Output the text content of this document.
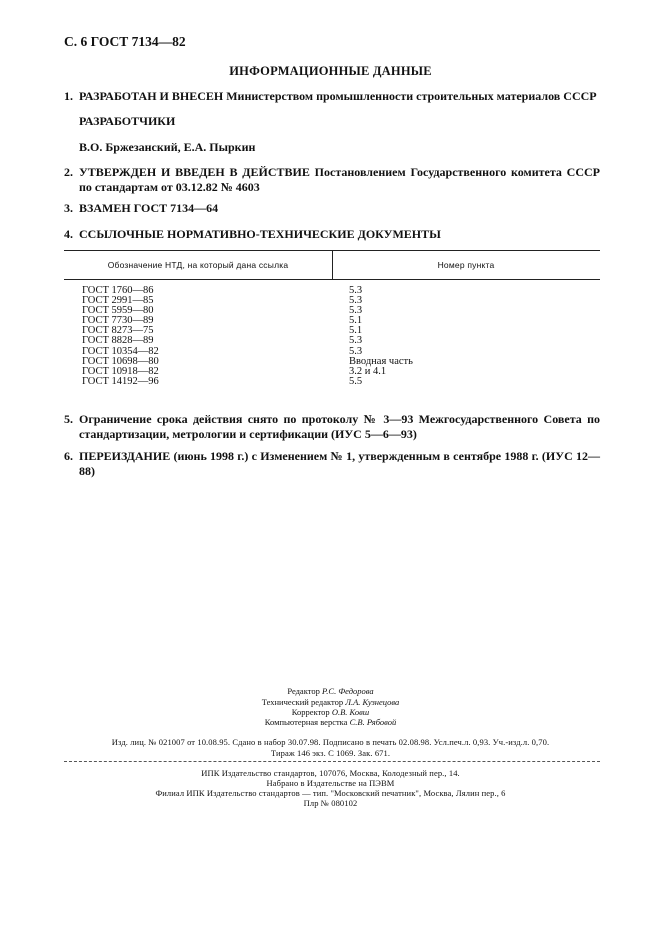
С. 6 ГОСТ 7134—82
ИНФОРМАЦИОННЫЕ ДАННЫЕ
1. РАЗРАБОТАН И ВНЕСЕН Министерством промышленности строительных материалов СССР
РАЗРАБОТЧИКИ
В.О. Бржезанский, Е.А. Пыркин
2. УТВЕРЖДЕН И ВВЕДЕН В ДЕЙСТВИЕ Постановлением Государственного комитета СССР по стандартам от 03.12.82 № 4603
3. ВЗАМЕН ГОСТ 7134—64
4. ССЫЛОЧНЫЕ НОРМАТИВНО-ТЕХНИЧЕСКИЕ ДОКУМЕНТЫ
Обозначение НТД, на который дана ссылка	Номер пункта
ГОСТ 1760—86	5.3
ГОСТ 2991—85	5.3
ГОСТ 5959—80	5.3
ГОСТ 7730—89	5.1
ГОСТ 8273—75	5.1
ГОСТ 8828—89	5.3
ГОСТ 10354—82	5.3
ГОСТ 10698—80	Вводная часть
ГОСТ 10918—82	3.2 и 4.1
ГОСТ 14192—96	5.5
5. Ограничение срока действия снято по протоколу № 3—93 Межгосударственного Совета по стандартизации, метрологии и сертификации (ИУС 5—6—93)
6. ПЕРЕИЗДАНИЕ (июнь 1998 г.) с Изменением № 1, утвержденным в сентябре 1988 г. (ИУС 12—88)
Редактор Р.С. Федорова
Технический редактор Л.А. Кузнецова
Корректор О.В. Ковш
Компьютерная верстка С.В. Рябовой
Изд. лиц. № 021007 от 10.08.95. Сдано в набор 30.07.98. Подписано в печать 02.08.98. Усл.печ.л. 0,93. Уч.-изд.л. 0,70.
Тираж 146 экз. С 1069. Зак. 671.
ИПК Издательство стандартов, 107076, Москва, Колодезный пер., 14.
Набрано в Издательстве на ПЭВМ
Филиал ИПК Издательство стандартов — тип. "Московский печатник", Москва, Лялин пер., 6
Плр № 080102
